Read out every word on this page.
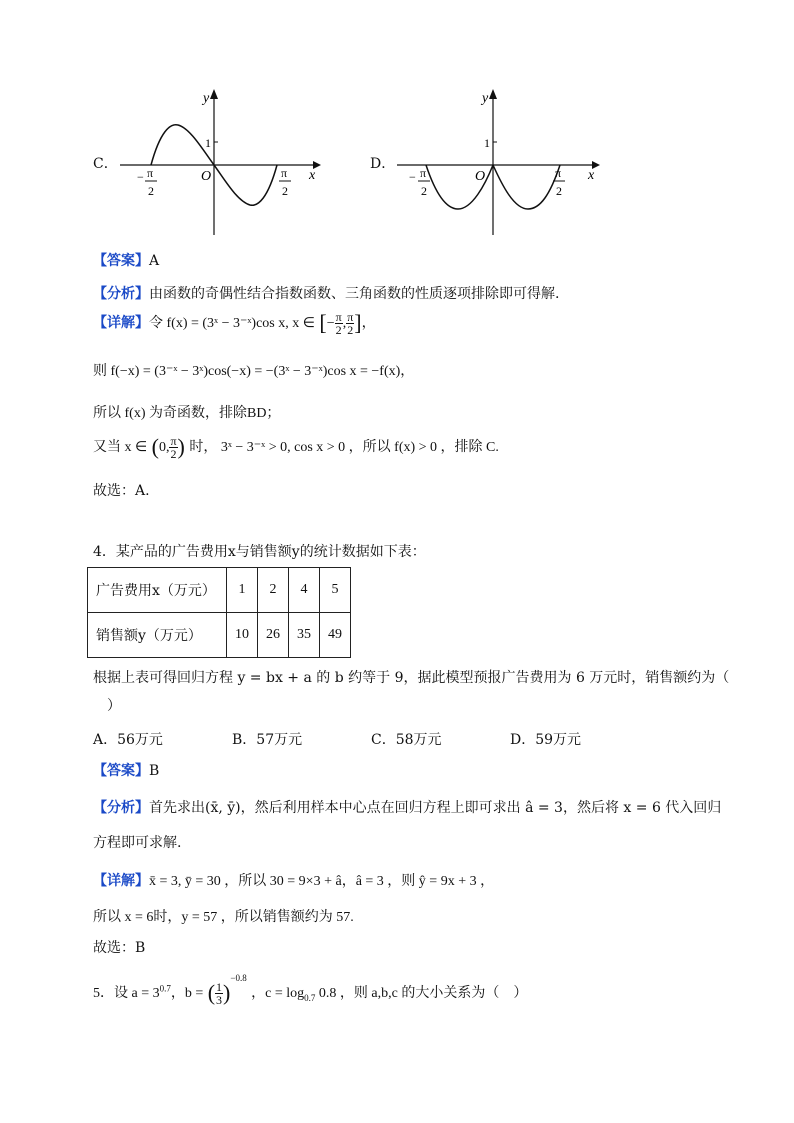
C．
y
x
1
O
− π
2
π
2
D．
y
x
1
O
− π
2
π
2
【答案】A
【分析】由函数的奇偶性结合指数函数、三角函数的性质逐项排除即可得解.
【详解】令 f(x) = (3ˣ − 3⁻ˣ)cos x, x ∈ [− $\frac{\pi}{2}$ , $\frac{\pi}{2}$ ]，
则 f(−x) = (3⁻ˣ − 3ˣ)cos(−x) = −(3ˣ − 3⁻ˣ)cos x = −f(x)，
所以 f(x) 为奇函数，排除BD；
又当 x ∈ (0, $\frac{\pi}{2}$ ) 时， 3ˣ − 3⁻ˣ > 0, cos x > 0 ，所以 f(x) > 0 ，排除 C.
故选：A.
4．某产品的广告费用x与销售额y的统计数据如下表：
广告费用x（万元）	1	2	4	5
销售额y（万元）	10	26	35	49
根据上表可得回归方程 y = bx + a 的 b 约等于 9，据此模型预报广告费用为 6 万元时，销售额约为（
）
A．56万元	B．57万元	C．58万元	D．59万元
【答案】B
【分析】首先求出(x̄, ȳ)，然后利用样本中心点在回归方程上即可求出 â = 3，然后将 x = 6 代入回归
方程即可求解.
【详解】x̄ = 3, ȳ = 30 ，所以 30 = 9×3 + â，â = 3 ，则 ŷ = 9x + 3 ，
所以 x = 6时，y = 57 ，所以销售额约为 57.
故选：B
5．设 $a = 3^{0.7}$，b = ( $\frac{1}{3} )^{-0.8}$ ，$c = \log_{0.7} 0.8$ ，则 a,b,c 的大小关系为（　）
